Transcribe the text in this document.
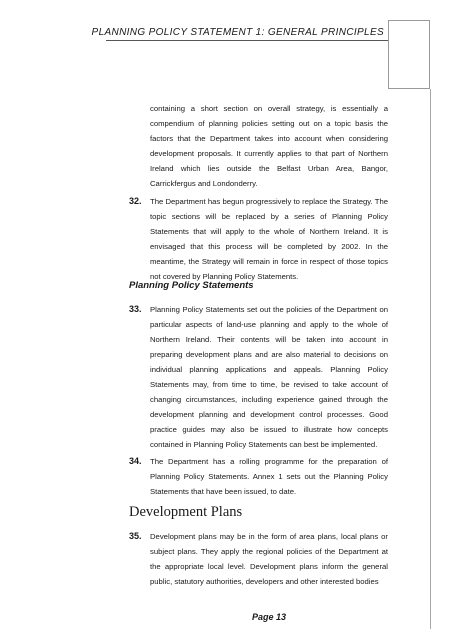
PLANNING POLICY STATEMENT 1: GENERAL PRINCIPLES

containing a short section on overall strategy, is essentially a compendium of planning policies setting out on a topic basis the factors that the Department takes into account when considering development proposals. It currently applies to that part of Northern Ireland which lies outside the Belfast Urban Area, Bangor, Carrickfergus and Londonderry.

32. The Department has begun progressively to replace the Strategy. The topic sections will be replaced by a series of Planning Policy Statements that will apply to the whole of Northern Ireland. It is envisaged that this process will be completed by 2002. In the meantime, the Strategy will remain in force in respect of those topics not covered by Planning Policy Statements.

Planning Policy Statements
33. Planning Policy Statements set out the policies of the Department on particular aspects of land-use planning and apply to the whole of Northern Ireland. Their contents will be taken into account in preparing development plans and are also material to decisions on individual planning applications and appeals. Planning Policy Statements may, from time to time, be revised to take account of changing circumstances, including experience gained through the development planning and development control processes. Good practice guides may also be issued to illustrate how concepts contained in Planning Policy Statements can best be implemented.

34. The Department has a rolling programme for the preparation of Planning Policy Statements. Annex 1 sets out the Planning Policy Statements that have been issued, to date.

Development Plans
35. Development plans may be in the form of area plans, local plans or subject plans. They apply the regional policies of the Department at the appropriate local level. Development plans inform the general public, statutory authorities, developers and other interested bodies

Page 13
